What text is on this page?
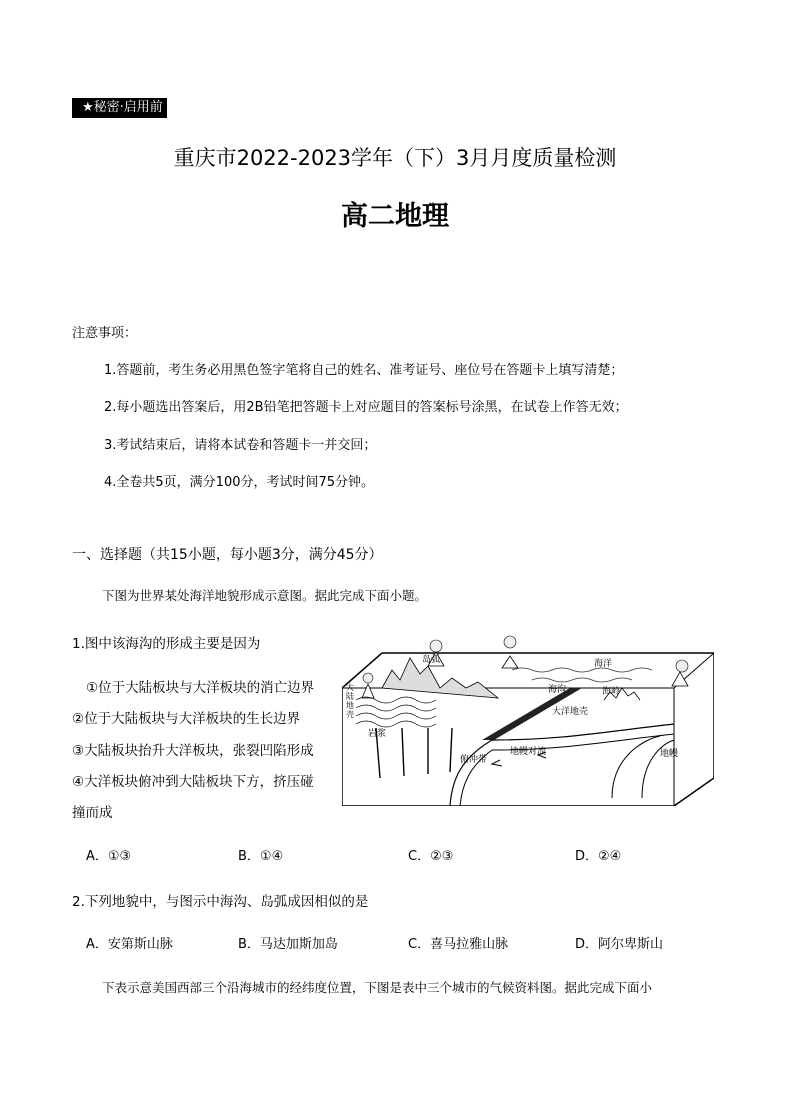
★秘密·启用前
重庆市2022-2023学年（下）3月月度质量检测
高二地理
注意事项：
1.答题前，考生务必用黑色签字笔将自己的姓名、准考证号、座位号在答题卡上填写清楚；
2.每小题选出答案后，用2B铅笔把答题卡上对应题目的答案标号涂黑，在试卷上作答无效；
3.考试结束后，请将本试卷和答题卡一并交回；
4.全卷共5页，满分100分，考试时间75分钟。
一、选择题（共15小题，每小题3分，满分45分）
下图为世界某处海洋地貌形成示意图。据此完成下面小题。
1.图中该海沟的形成主要是因为
①位于大陆板块与大洋板块的消亡边界
②位于大陆板块与大洋板块的生长边界
③大陆板块抬升大洋板块，张裂凹陷形成
④大洋板块俯冲到大陆板块下方，挤压碰
撞而成
A．①③	B．①④	C．②③	D．②④
2.下列地貌中，与图示中海沟、岛弧成因相似的是
A．安第斯山脉	B．马达加斯加岛	C．喜马拉雅山脉	D．阿尔卑斯山
下表示意美国西部三个沿海城市的经纬度位置，下图是表中三个城市的气候资料图。据此完成下面小
大陆地壳
岛弧	海洋
海沟	海岭
岩浆
俯冲带
地幔对流
大洋地壳
地幔
